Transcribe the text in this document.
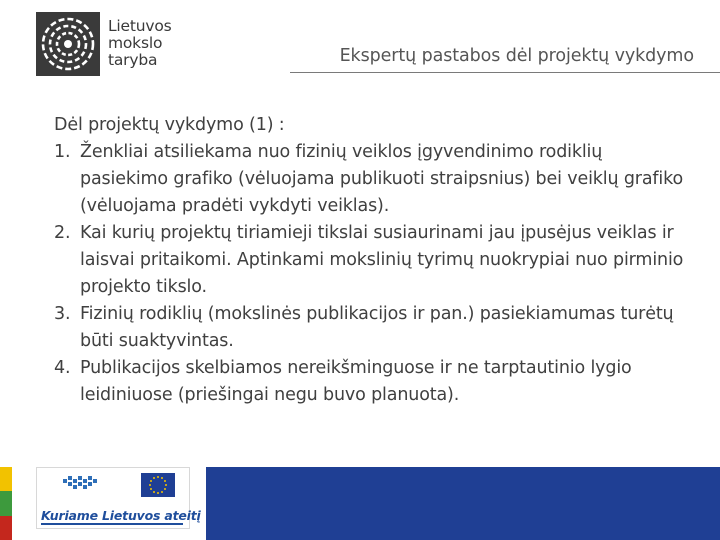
Lietuvos
mokslo
taryba	Ekspertų pastabos dėl projektų vykdymo

Dėl projektų vykdymo (1) :

1. Ženkliai atsiliekama nuo fizinių veiklos įgyvendinimo rodiklių pasiekimo grafiko (vėluojama publikuoti straipsnius) bei veiklų grafiko (vėluojama pradėti vykdyti veiklas).
2. Kai kurių projektų tiriamieji tikslai susiaurinami jau įpusėjus veiklas ir laisvai pritaikomi. Aptinkami mokslinių tyrimų nuokrypiai nuo pirminio projekto tikslo.
3. Fizinių rodiklių (mokslinės publikacijos ir pan.) pasiekiamumas turėtų būti suaktyvintas.
4. Publikacijos skelbiamos nereikšminguose ir ne tarptautinio lygio leidiniuose (priešingai negu buvo planuota).
Kuriame Lietuvos ateitį
